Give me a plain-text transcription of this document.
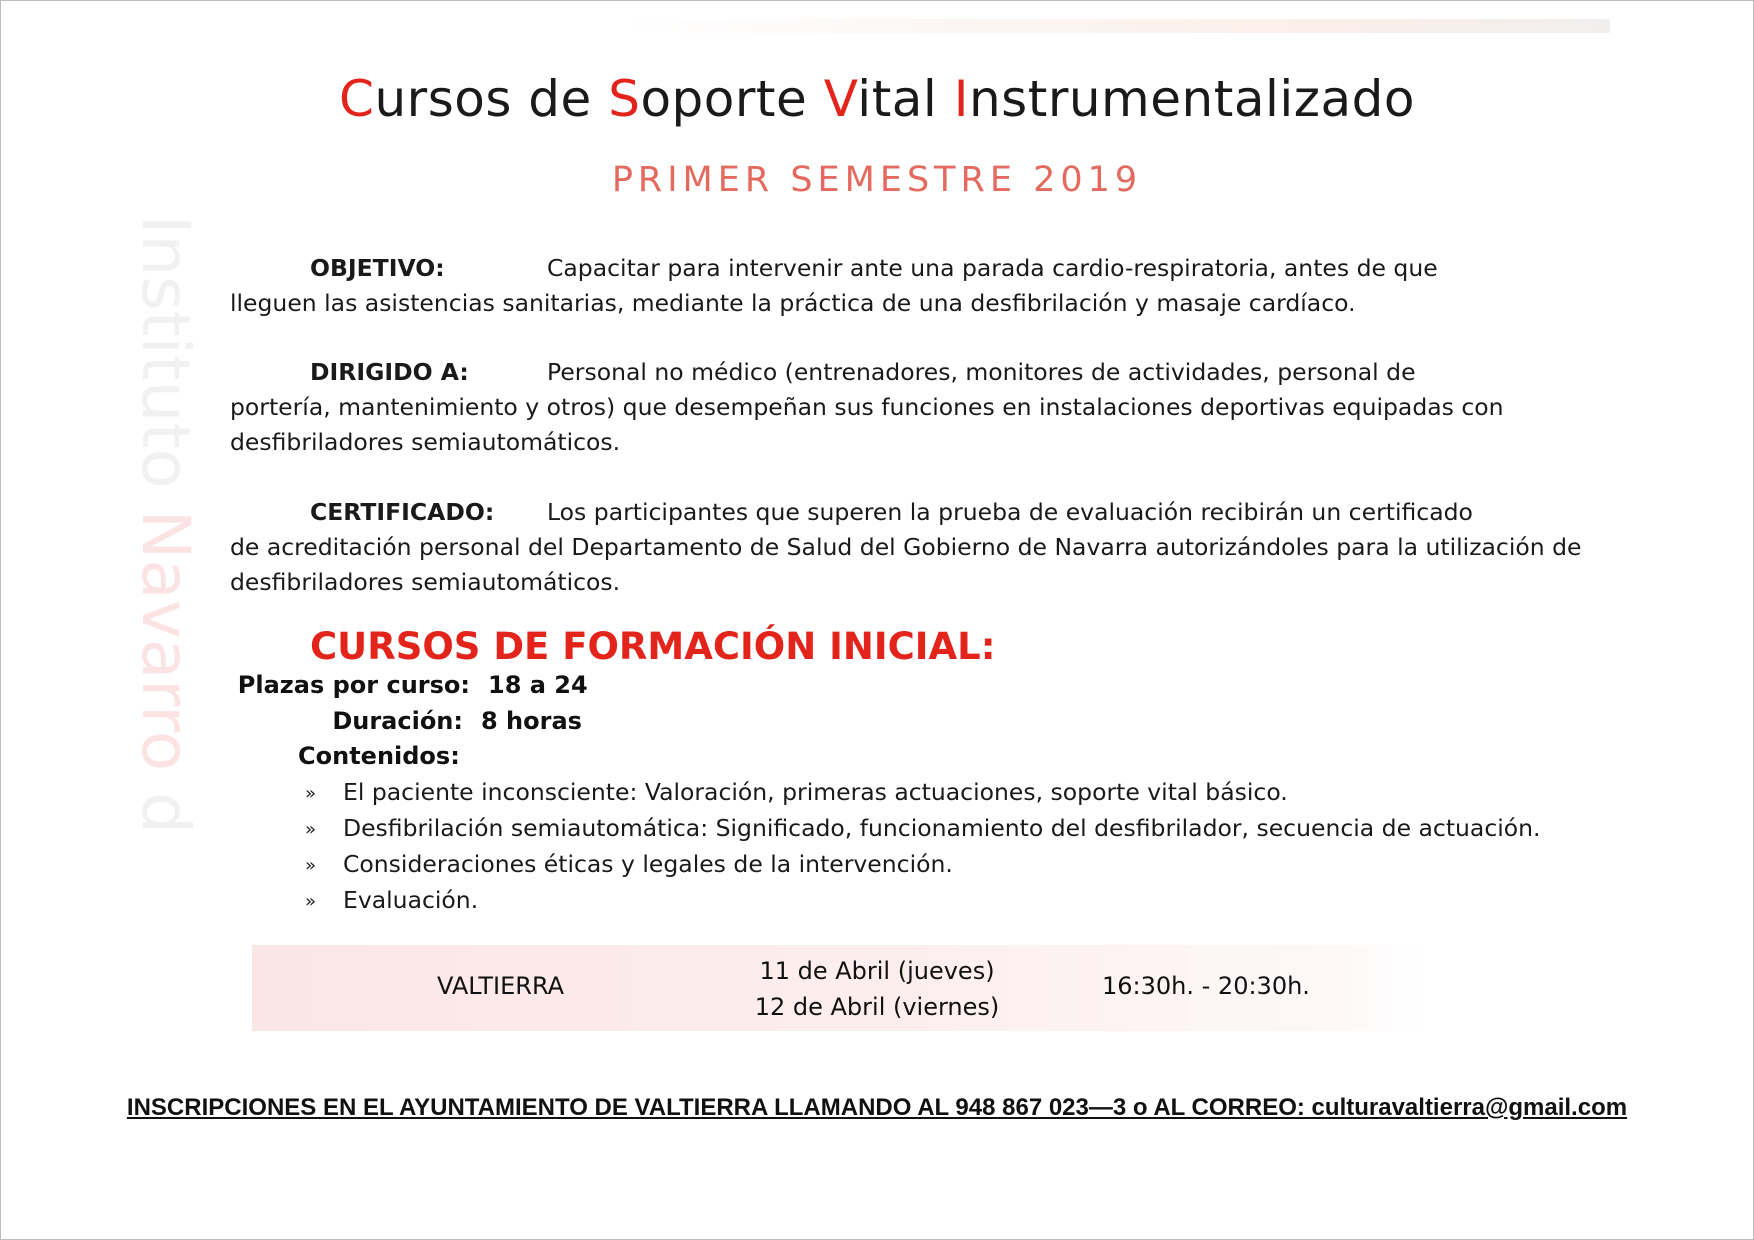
Instituto Navarro d
Cursos de Soporte Vital Instrumentalizado
PRIMER SEMESTRE 2019
OBJETIVO:	Capacitar para intervenir ante una parada cardio-respiratoria, antes de que
lleguen las asistencias sanitarias, mediante la práctica de una desfibrilación y masaje cardíaco.
DIRIGIDO A:	Personal no médico (entrenadores, monitores de actividades, personal de
portería, mantenimiento y otros) que desempeñan sus funciones en instalaciones deportivas equipadas con desfibriladores semiautomáticos.
CERTIFICADO: Los participantes que superen la prueba de evaluación recibirán un certificado
de acreditación personal del Departamento de Salud del Gobierno de Navarra autorizándoles para la utilización de desfibriladores semiautomáticos.
CURSOS DE FORMACIÓN INICIAL:
Plazas por curso: 18 a 24
Duración: 8 horas
Contenidos:
» El paciente inconsciente: Valoración, primeras actuaciones, soporte vital básico.
» Desfibrilación semiautomática: Significado, funcionamiento del desfibrilador, secuencia de actuación.
» Consideraciones éticas y legales de la intervención.
» Evaluación.
VALTIERRA
11 de Abril (jueves)
12 de Abril (viernes)
16:30h. - 20:30h.
INSCRIPCIONES EN EL AYUNTAMIENTO DE VALTIERRA LLAMANDO AL 948 867 023—3 o AL CORREO: culturavaltierra@gmail.com
